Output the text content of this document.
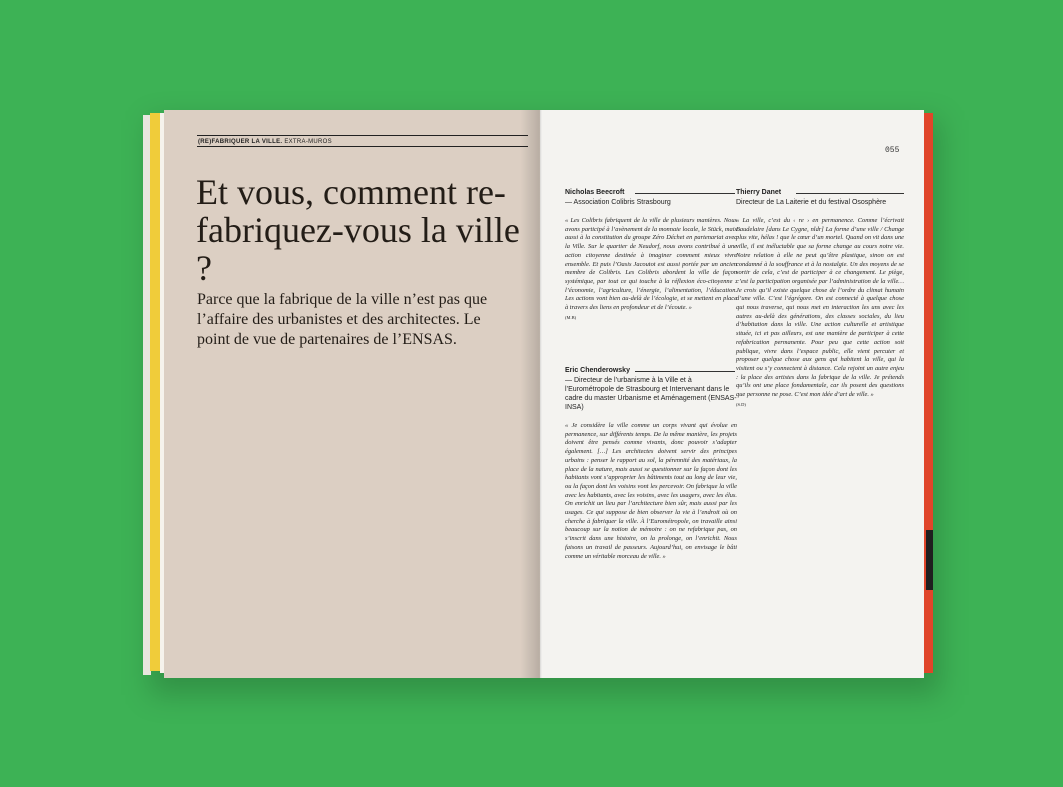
(RE)FABRIQUER LA VILLE. EXTRA-MUROS
Et vous, comment re-fabriquez-vous la ville ?

Parce que la fabrique de la ville n’est pas que l’affaire des urbanistes et des architectes. Le point de vue de partenaires de l’ENSAS.

055
Nicholas Beecroft
— Association Colibris Strasbourg

« Les Colibris fabriquent de la ville de plusieurs manières. Nous avons participé à l’avènement de la monnaie locale, le Stück, mais aussi à la constitution du groupe Zéro Déchet en partenariat avec la Ville. Sur le quartier de Neudorf, nous avons contribué à une action citoyenne destinée à imaginer comment mieux vivre ensemble. Et puis l’Oasis Jacoutot est aussi portée par un ancien membre de Colibris. Les Colibris abordent la ville de façon systémique, par tout ce qui touche à la réflexion éco-citoyenne : l’économie, l’agriculture, l’énergie, l’alimentation, l’éducation. Les actions vont bien au-delà de l’écologie, et se mettent en place à travers des liens en profondeur et de l’écoute. »

(M.B)
Eric Chenderowsky
— Directeur de l’urbanisme à la Ville et à l’Eurométropole de Strasbourg et Intervenant dans le cadre du master Urbanisme et Aménagement (ENSAS-INSA)

« Je considère la ville comme un corps vivant qui évolue en permanence, sur différents temps. De la même manière, les projets doivent être pensés comme vivants, donc pouvoir s’adapter également. […] Les architectes doivent servir des principes urbains : penser le rapport au sol, la pérennité des matériaux, la place de la nature, mais aussi se questionner sur la façon dont les habitants vont s’approprier les bâtiments tout au long de leur vie, ou la façon dont les voisins vont les percevoir. On fabrique la ville avec les habitants, avec les voisins, avec les usagers, avec les élus. On enrichit un lieu par l’architecture bien sûr, mais aussi par les usages. Ce qui suppose de bien observer la vie à l’endroit où on cherche à fabriquer la ville. À l’Eurométropole, on travaille ainsi beaucoup sur la notion de mémoire : on ne refabrique pas, on s’inscrit dans une histoire, on la prolonge, on l’enrichit. Nous faisons un travail de passeurs. Aujourd’hui, on envisage le bâti comme un véritable morceau de ville. »

Thierry Danet
Directeur de La Laiterie et du festival Ososphère

« La ville, c’est du ‹ re › en permanence. Comme l’écrivait Baudelaire [dans Le Cygne, nldr] La forme d’une ville / Change plus vite, hélas ! que le cœur d’un mortel. Quand on vit dans une ville, il est inéluctable que sa forme change au cours notre vie. Notre relation à elle ne peut qu’être plastique, sinon on est condamné à la souffrance et à la nostalgie. Un des moyens de se sortir de cela, c’est de participer à ce changement. Le piège, c’est la participation organisée par l’administration de la ville… Je crois qu’il existe quelque chose de l’ordre du climat humain d’une ville. C’est l’égrégore. On est connecté à quelque chose qui nous traverse, qui nous met en interaction les uns avec les autres au-delà des générations, des classes sociales, du lieu d’habitation dans la ville. Une action culturelle et artistique située, ici et pas ailleurs, est une manière de participer à cette refabrication permanente. Pour peu que cette action soit publique, vivre dans l’espace public, elle vient percuter et proposer quelque chose aux gens qui habitent la ville, qui la visitent ou s’y connectent à distance. Cela rejoint un autre enjeu : la place des artistes dans la fabrique de la ville. Je prétends qu’ils ont une place fondamentale, car ils posent des questions que personne ne pose. C’est mon idée d’art de ville. »

(S.D)
